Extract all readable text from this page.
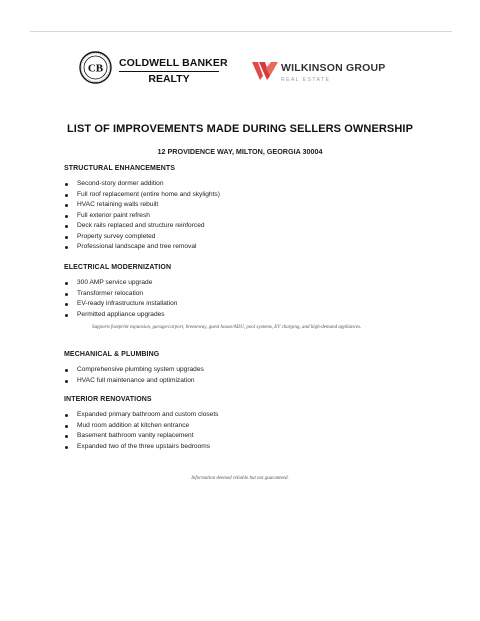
CB COLDWELL BANKER
REALTY
WILKINSON GROUP
REAL ESTATE
LIST OF IMPROVEMENTS MADE DURING SELLERS OWNERSHIP
12 PROVIDENCE WAY, MILTON, GEORGIA 30004
STRUCTURAL ENHANCEMENTS
Second-story dormer addition
Full roof replacement (entire home and skylights)
HVAC retaining walls rebuilt
Full exterior paint refresh
Deck rails replaced and structure reinforced
Property survey completed
Professional landscape and tree removal
ELECTRICAL MODERNIZATION
300 AMP service upgrade
Transformer relocation
EV-ready infrastructure installation
Permitted appliance upgrades
Supports footprint expansion, garage/carport, breezeway, guest house/ADU, pool systems, EV charging, and high-demand appliances.
MECHANICAL & PLUMBING
Comprehensive plumbing system upgrades
HVAC full maintenance and optimization
INTERIOR RENOVATIONS
Expanded primary bathroom and custom closets
Mud room addition at kitchen entrance
Basement bathroom vanity replacement
Expanded two of the three upstairs bedrooms
Information deemed reliable but not guaranteed.
